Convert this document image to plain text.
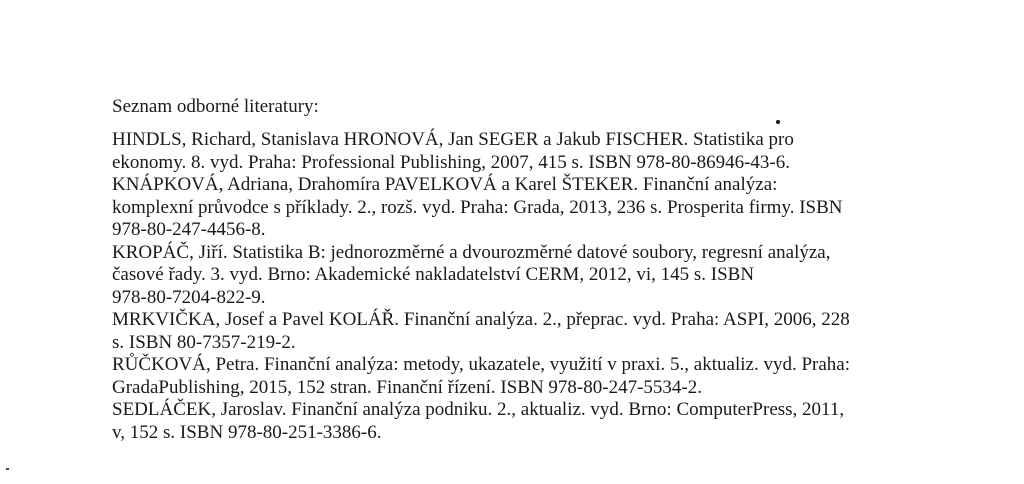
Seznam odborné literatury:
HINDLS, Richard, Stanislava HRONOVÁ, Jan SEGER a Jakub FISCHER. Statistika pro
ekonomy. 8. vyd. Praha: Professional Publishing, 2007, 415 s. ISBN 978-80-86946-43-6.
KNÁPKOVÁ, Adriana, Drahomíra PAVELKOVÁ a Karel ŠTEKER. Finanční analýza:
komplexní průvodce s příklady. 2., rozš. vyd. Praha: Grada, 2013, 236 s. Prosperita firmy. ISBN
978-80-247-4456-8.
KROPÁČ, Jiří. Statistika B: jednorozměrné a dvourozměrné datové soubory, regresní analýza,
časové řady. 3. vyd. Brno: Akademické nakladatelství CERM, 2012, vi, 145 s. ISBN
978-80-7204-822-9.
MRKVIČKA, Josef a Pavel KOLÁŘ. Finanční analýza. 2., přeprac. vyd. Praha: ASPI, 2006, 228
s. ISBN 80-7357-219-2.
RŮČKOVÁ, Petra. Finanční analýza: metody, ukazatele, využití v praxi. 5., aktualiz. vyd. Praha:
GradaPublishing, 2015, 152 stran. Finanční řízení. ISBN 978-80-247-5534-2.
SEDLÁČEK, Jaroslav. Finanční analýza podniku. 2., aktualiz. vyd. Brno: ComputerPress, 2011,
v, 152 s. ISBN 978-80-251-3386-6.
